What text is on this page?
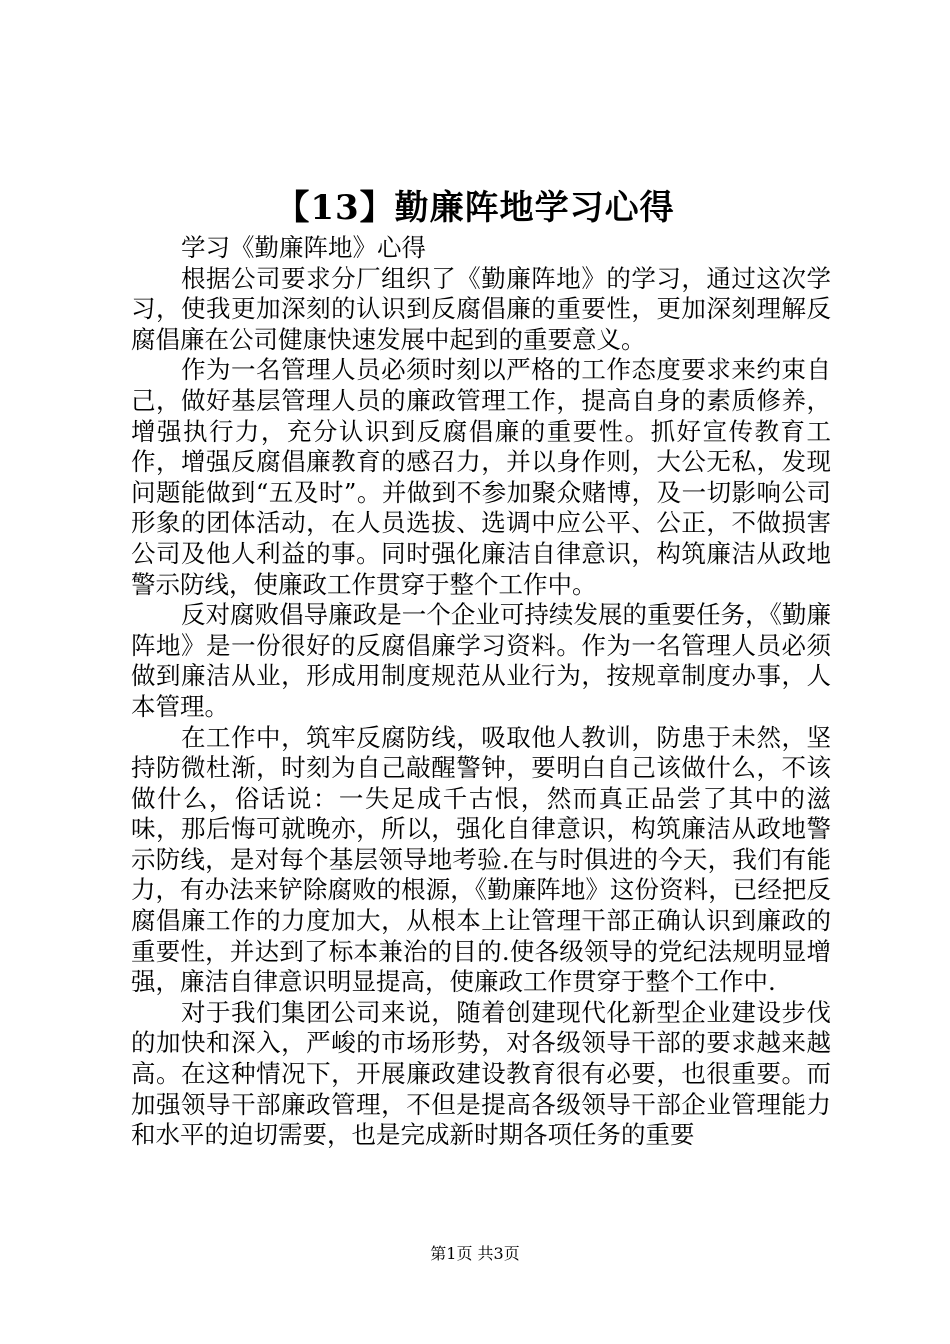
【13】勤廉阵地学习心得

学习《勤廉阵地》心得

根据公司要求分厂组织了《勤廉阵地》的学习，通过这次学习，使我更加深刻的认识到反腐倡廉的重要性，更加深刻理解反腐倡廉在公司健康快速发展中起到的重要意义。

作为一名管理人员必须时刻以严格的工作态度要求来约束自己，做好基层管理人员的廉政管理工作，提高自身的素质修养，增强执行力，充分认识到反腐倡廉的重要性。抓好宣传教育工作，增强反腐倡廉教育的感召力，并以身作则，大公无私，发现问题能做到“五及时”。并做到不参加聚众赌博，及一切影响公司形象的团体活动，在人员选拔、选调中应公平、公正，不做损害公司及他人利益的事。同时强化廉洁自律意识，构筑廉洁从政地警示防线，使廉政工作贯穿于整个工作中。

反对腐败倡导廉政是一个企业可持续发展的重要任务，《勤廉阵地》是一份很好的反腐倡廉学习资料。作为一名管理人员必须做到廉洁从业，形成用制度规范从业行为，按规章制度办事，人本管理。

在工作中，筑牢反腐防线，吸取他人教训，防患于未然，坚持防微杜渐，时刻为自己敲醒警钟，要明白自己该做什么，不该做什么，俗话说：一失足成千古恨，然而真正品尝了其中的滋味，那后悔可就晚亦，所以，强化自律意识，构筑廉洁从政地警示防线，是对每个基层领导地考验.在与时俱进的今天，我们有能力，有办法来铲除腐败的根源，《勤廉阵地》这份资料，已经把反腐倡廉工作的力度加大，从根本上让管理干部正确认识到廉政的重要性，并达到了标本兼治的目的.使各级领导的党纪法规明显增强，廉洁自律意识明显提高，使廉政工作贯穿于整个工作中.

对于我们集团公司来说，随着创建现代化新型企业建设步伐的加快和深入，严峻的市场形势，对各级领导干部的要求越来越高。在这种情况下，开展廉政建设教育很有必要，也很重要。而加强领导干部廉政管理，不但是提高各级领导干部企业管理能力和水平的迫切需要，也是完成新时期各项任务的重要

第1页 共3页
